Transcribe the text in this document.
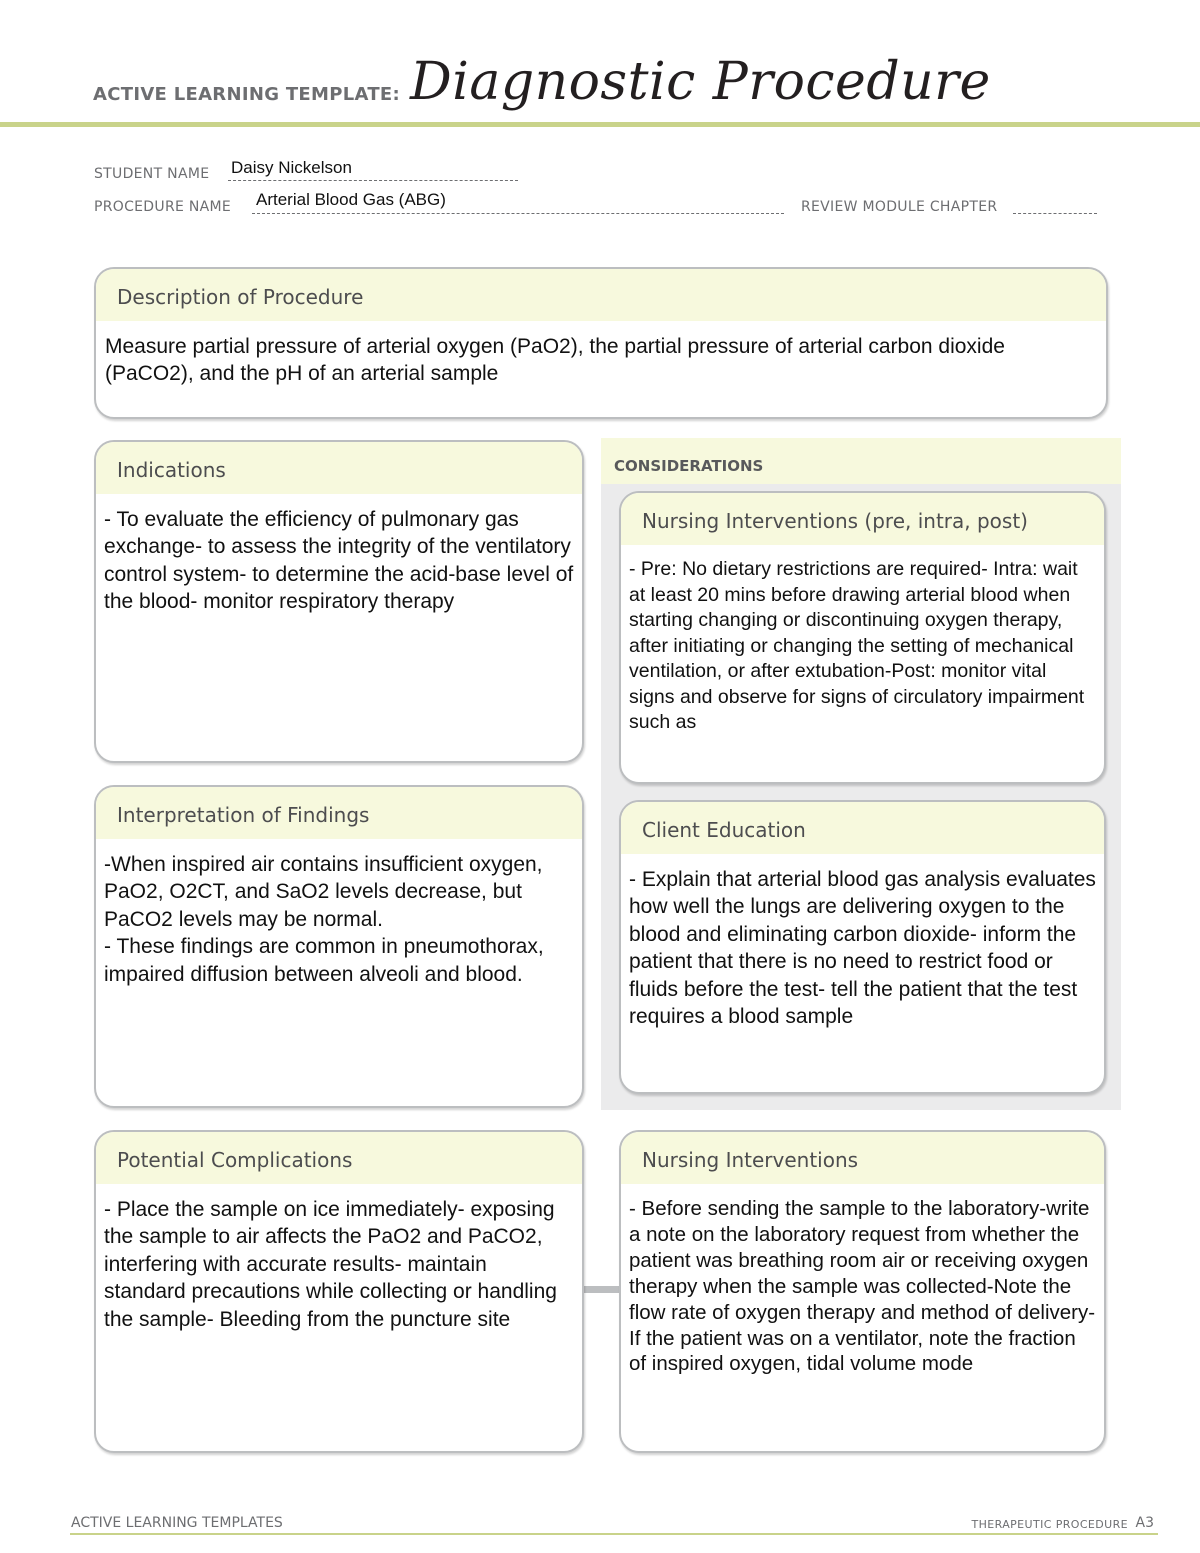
ACTIVE LEARNING TEMPLATE: Diagnostic Procedure
STUDENT NAME Daisy Nickelson
PROCEDURE NAME Arterial Blood Gas (ABG)	REVIEW MODULE CHAPTER
Description of Procedure
Measure partial pressure of arterial oxygen (PaO2), the partial pressure of arterial carbon dioxide (PaCO2), and the pH of an arterial sample
CONSIDERATIONS
Indications
- To evaluate the efficiency of pulmonary gas exchange- to assess the integrity of the ventilatory control system- to determine the acid-base level of the blood- monitor respiratory therapy
Nursing Interventions (pre, intra, post)
- Pre: No dietary restrictions are required- Intra: wait at least 20 mins before drawing arterial blood when starting changing or discontinuing oxygen therapy, after initiating or changing the setting of mechanical ventilation, or after extubation-Post: monitor vital signs and observe for signs of circulatory impairment such as
Interpretation of Findings
-When inspired air contains insufficient oxygen, PaO2, O2CT, and SaO2 levels decrease, but PaCO2 levels may be normal.
- These findings are common in pneumothorax, impaired diffusion between alveoli and blood.
Client Education
- Explain that arterial blood gas analysis evaluates how well the lungs are delivering oxygen to the blood and eliminating carbon dioxide- inform the patient that there is no need to restrict food or fluids before the test- tell the patient that the test requires a blood sample
Potential Complications
- Place the sample on ice immediately- exposing the sample to air affects the PaO2 and PaCO2, interfering with accurate results- maintain standard precautions while collecting or handling the sample- Bleeding from the puncture site
Nursing Interventions
- Before sending the sample to the laboratory-write a note on the laboratory request from whether the patient was breathing room air or receiving oxygen therapy when the sample was collected-Note the flow rate of oxygen therapy and method of delivery-If the patient was on a ventilator, note the fraction of inspired oxygen, tidal volume mode
ACTIVE LEARNING TEMPLATES	THERAPEUTIC PROCEDURE A3
